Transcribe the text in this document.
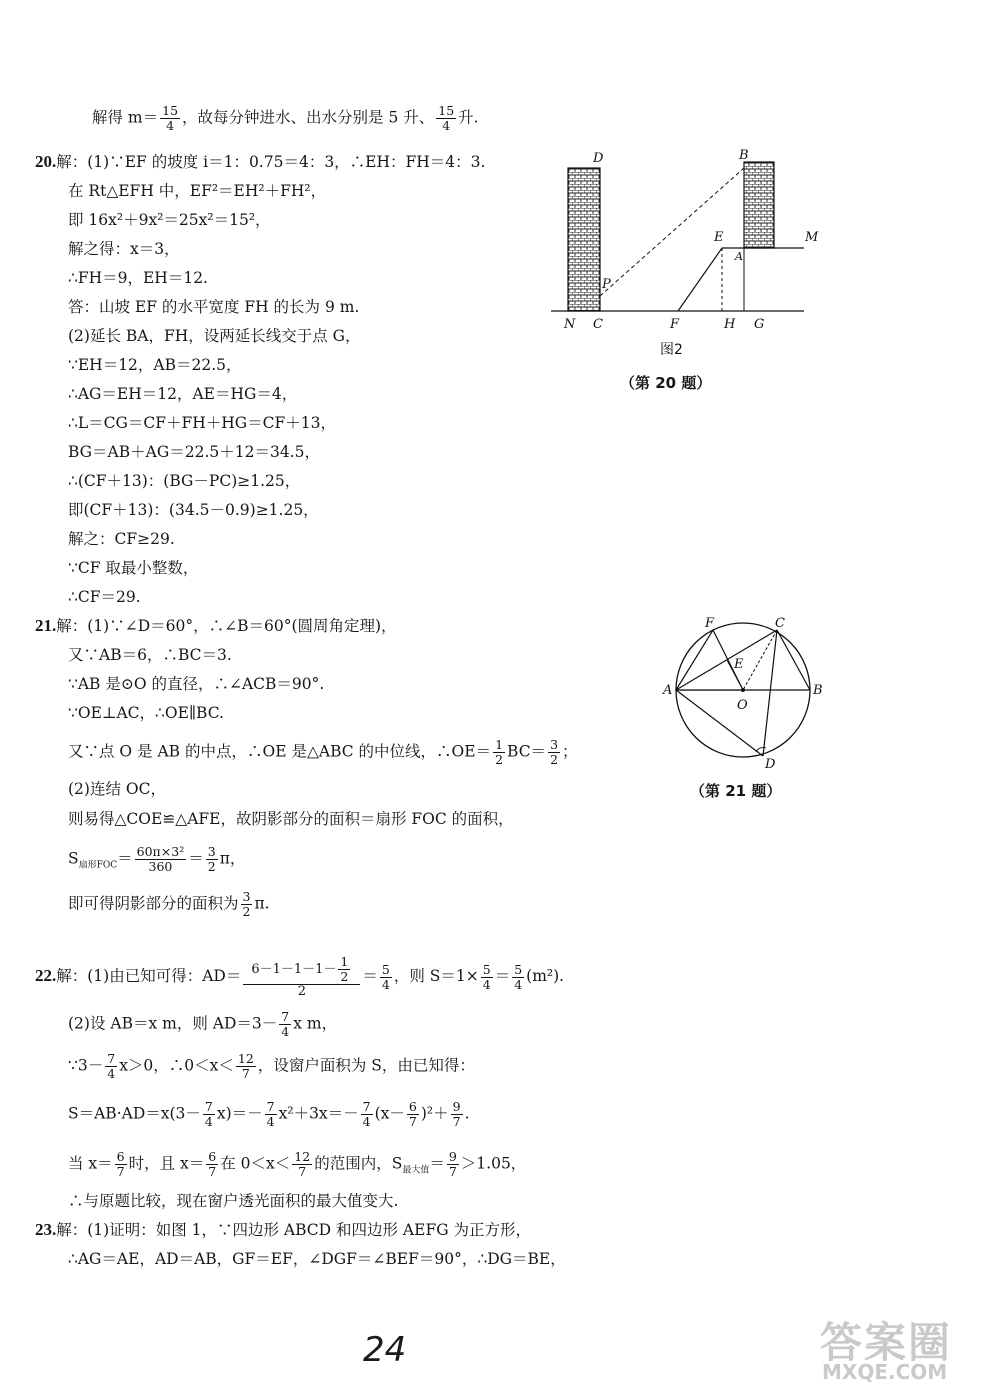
解得 $m= \frac{15}{4}$ ，故每分钟进水、出水分别是 5 升、 $\frac{15}{4}$ 升.
20.解：(1)∵EF 的坡度 i＝1：0.75＝4：3，∴EH：FH＝4：3.
在 Rt△EFH 中，EF²＝EH²＋FH²，
即 16x²＋9x²＝25x²＝15²，
解之得：x＝3，
∴FH＝9，EH＝12.
答：山坡 EF 的水平宽度 FH 的长为 9 m.
(2)延长 BA，FH，设两延长线交于点 G，
∵EH＝12，AB＝22.5，
∴AG＝EH＝12，AE＝HG＝4，
∴L＝CG＝CF＋FH＋HG＝CF＋13，
BG＝AB＋AG＝22.5＋12＝34.5，
∴(CF＋13)：(BG－PC)≥1.25，
即(CF＋13)：(34.5－0.9)≥1.25，
解之：CF≥29.
∵CF 取最小整数，
∴CF＝29.
D	B
E
A
M
P
N C	F	H G
图2
（第 20 题）
21.解：(1)∵∠D＝60°，∴∠B＝60°(圆周角定理)，
又∵AB＝6，∴BC＝3.
∵AB 是⊙O 的直径，∴∠ACB＝90°.
∵OE⊥AC，∴OE∥BC.
又∵点 O 是 AB 的中点，∴OE 是△ABC 的中位线，∴OE＝ $\frac{1}{2} BC= \frac{3}{2}$ ；
(2)连结 OC，
则易得△COE≌△AFE，故阴影部分的面积＝扇形 FOC 的面积，
$S_{扇形FOC}= \frac{\text{60π×3²}}{360} = \frac{3}{2}$ π，
即可得阴影部分的面积为 $\frac{3}{2} \pi$.
F	C
E
A
O
B
D
（第 21 题）
22.解：(1)由已知可得：$AD= \frac{6-1-1-1- \frac{1}{2}}{2} = \frac{5}{4}$ ，则 $S=1\times \frac{5}{4} = \frac{5}{4} (m^2)$.
(2)设 AB＝x m，则 $AD=3- \frac{7}{4}$ x m，
∵3－ $\frac{7}{4} x>0$，∴0＜x＜ $\frac{12}{7}$ ，设窗户面积为 S，由已知得：
$S=AB\cdot AD=x(3- \frac{7}{4} x)=- \frac{7}{4} x^2+3x=- \frac{7}{4} (x- \frac{6}{7} )^2+ \frac{9}{7}$ .
当 $x= \frac{6}{7}$ 时，且 $x= \frac{6}{7}$ 在 $0<x< \frac{12}{7}$ 的范围内，$S_{最大值}= \frac{9}{7} >1.05$，
∴与原题比较，现在窗户透光面积的最大值变大.
23.解：(1)证明：如图 1，∵四边形 ABCD 和四边形 AEFG 为正方形，
∴AG＝AE，AD＝AB，GF＝EF，∠DGF＝∠BEF＝90°，∴DG＝BE，
24	答案圈
MXQE.COM
